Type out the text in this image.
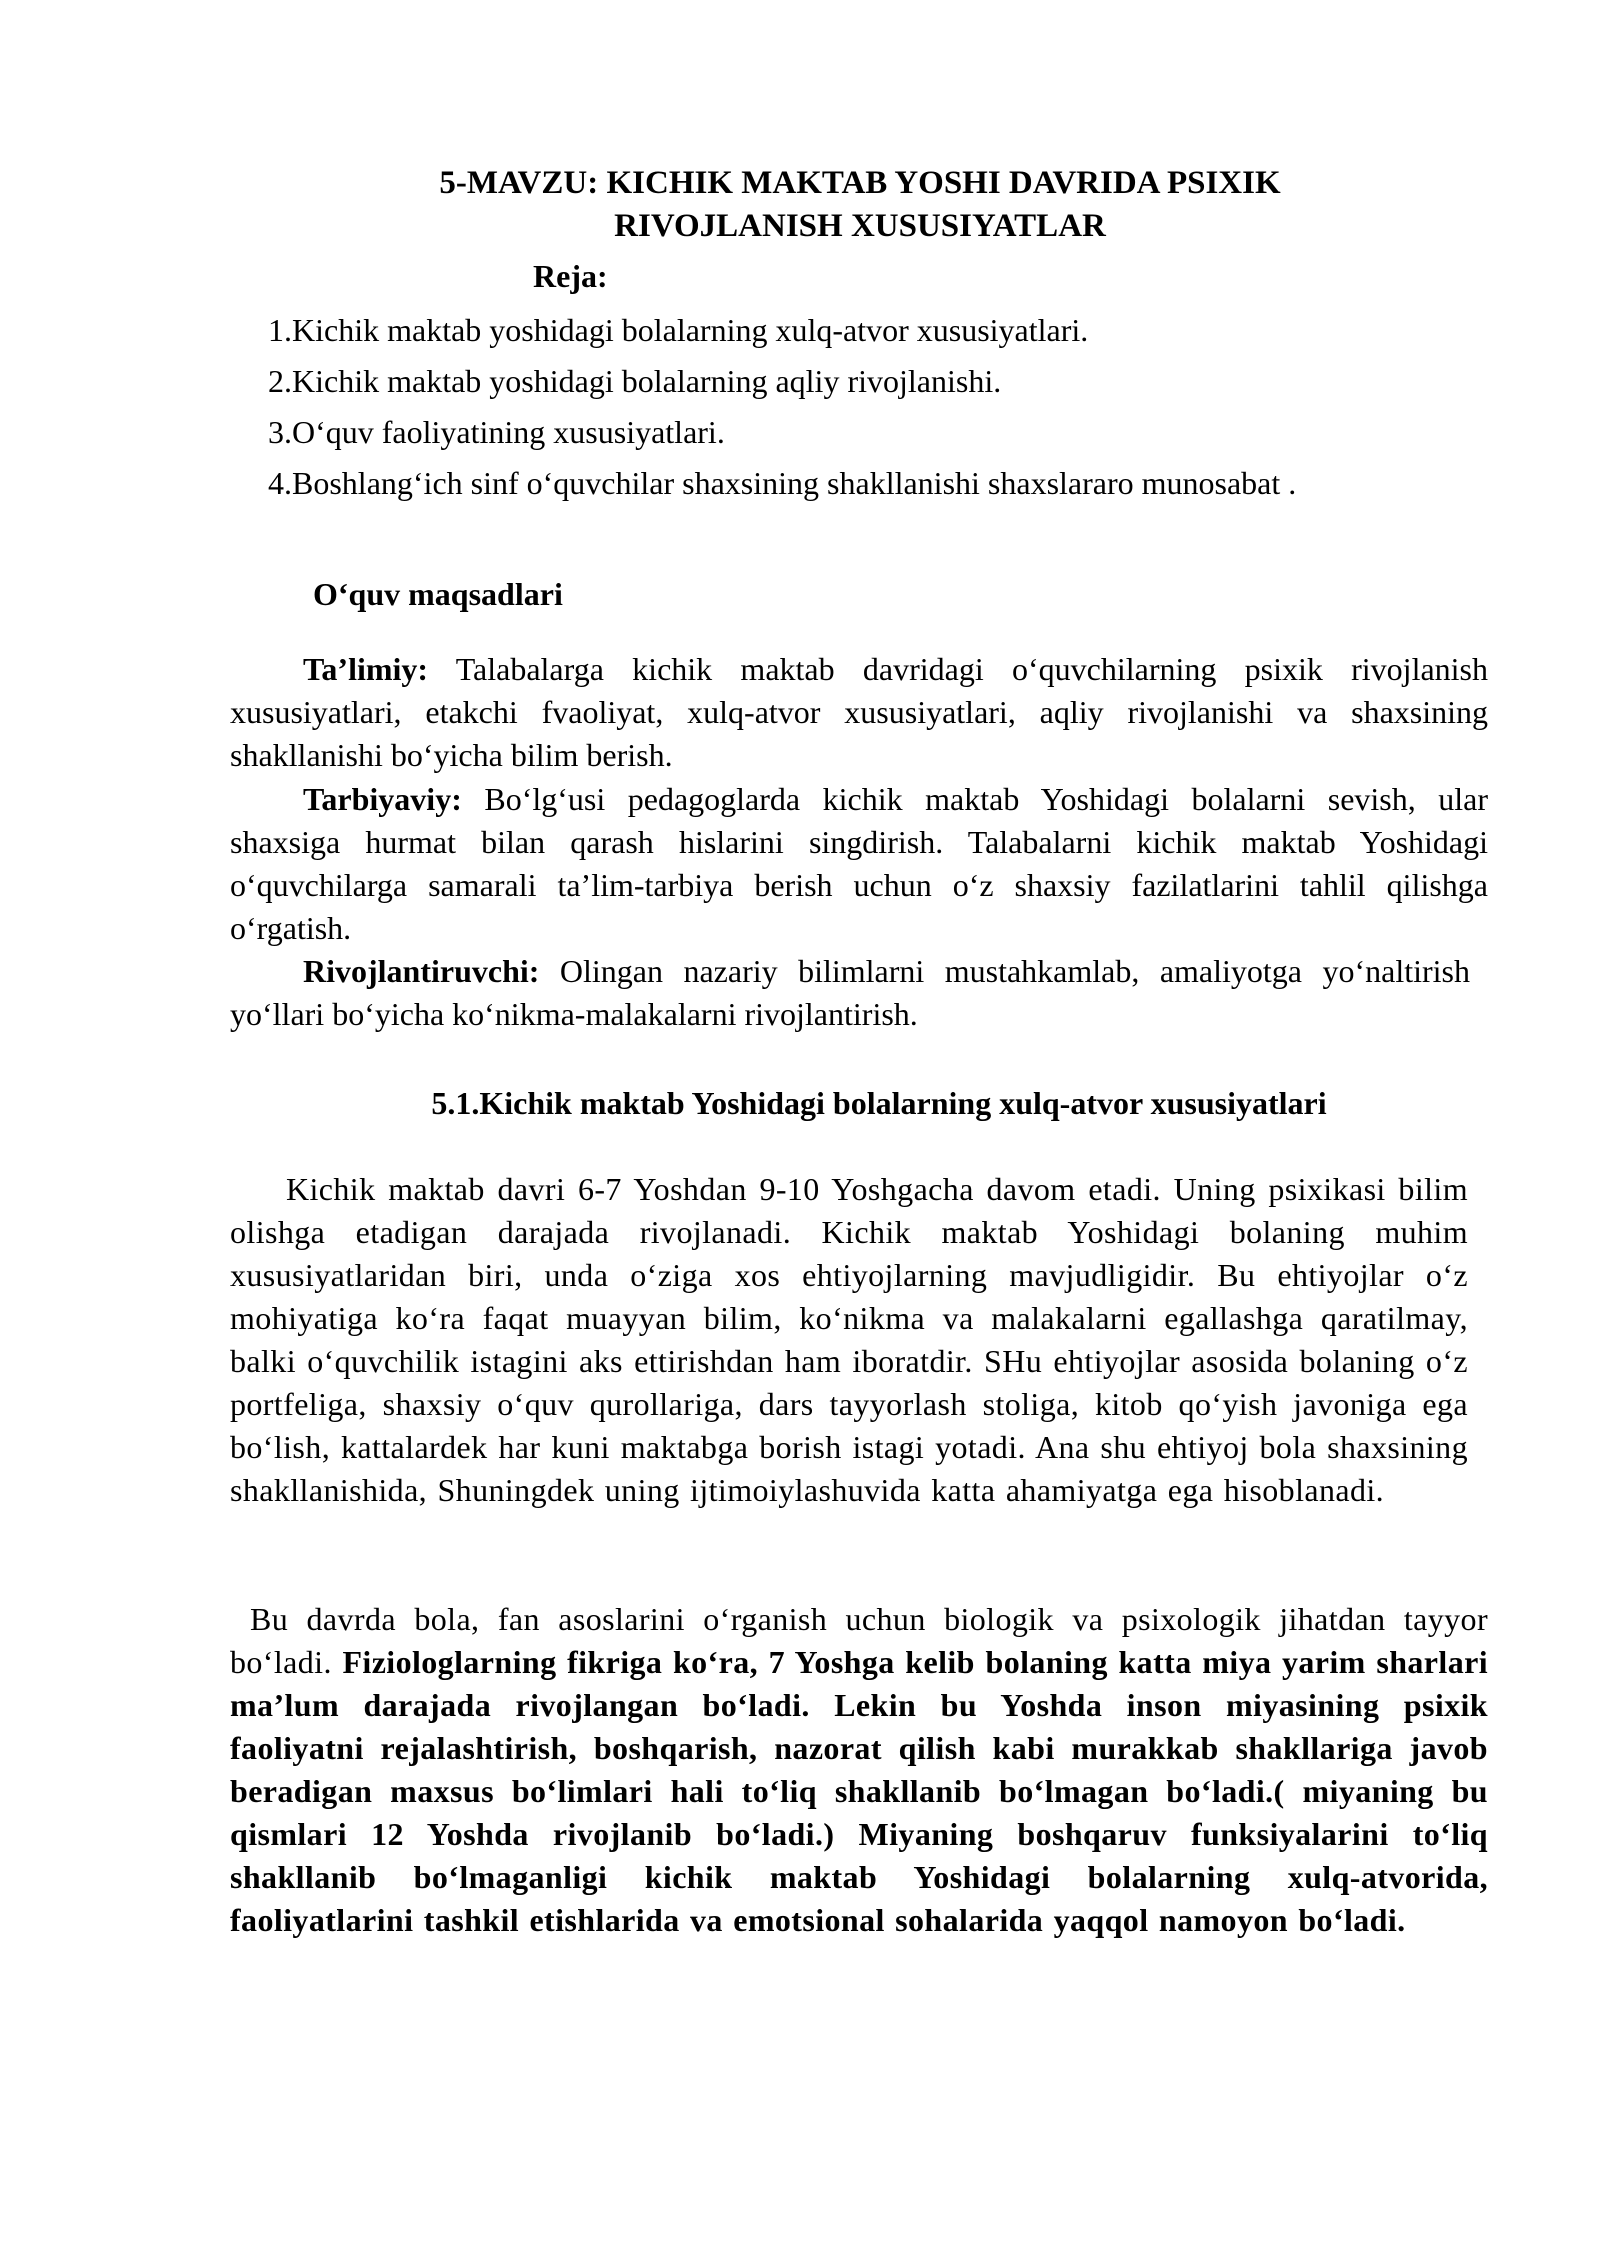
5-MAVZU: KICHIK MAKTAB YOSHI DAVRIDA PSIXIK
RIVOJLANISH XUSUSIYATLAR
Reja:
1.Kichik maktab yoshidagi bolalarning xulq-atvor xususiyatlari.
2.Kichik maktab yoshidagi bolalarning aqliy rivojlanishi.
3.O‘quv faoliyatining xususiyatlari.
4.Boshlang‘ich sinf o‘quvchilar shaxsining shakllanishi shaxslararo munosabat .
O‘quv maqsadlari

Ta’limiy: Talabalarga kichik maktab davridagi o‘quvchilarning psixik rivojlanish xususiyatlari, etakchi fvaoliyat, xulq-atvor xususiyatlari, aqliy rivojlanishi va shaxsining shakllanishi bo‘yicha bilim berish.

Tarbiyaviy: Bo‘lg‘usi pedagoglarda kichik maktab Yoshidagi bolalarni sevish, ular shaxsiga hurmat bilan qarash hislarini singdirish. Talabalarni kichik maktab Yoshidagi o‘quvchilarga samarali ta’lim-tarbiya berish uchun o‘z shaxsiy fazilatlarini tahlil qilishga o‘rgatish.

Rivojlantiruvchi: Olingan nazariy bilimlarni mustahkamlab, amaliyotga yo‘naltirish yo‘llari bo‘yicha ko‘nikma-malakalarni rivojlantirish.

5.1.Kichik maktab Yoshidagi bolalarning xulq-atvor xususiyatlari

Kichik maktab davri 6-7 Yoshdan 9-10 Yoshgacha davom etadi. Uning psixikasi bilim olishga etadigan darajada rivojlanadi. Kichik maktab Yoshidagi bolaning muhim xususiyatlaridan biri, unda o‘ziga xos ehtiyojlarning mavjudligidir. Bu ehtiyojlar o‘z mohiyatiga ko‘ra faqat muayyan bilim, ko‘nikma va malakalarni egallashga qaratilmay, balki o‘quvchilik istagini aks ettirishdan ham iboratdir. SHu ehtiyojlar asosida bolaning o‘z portfeliga, shaxsiy o‘quv qurollariga, dars tayyorlash stoliga, kitob qo‘yish javoniga ega bo‘lish, kattalardek har kuni maktabga borish istagi yotadi. Ana shu ehtiyoj bola shaxsining shakllanishida, Shuningdek uning ijtimoiylashuvida katta ahamiyatga ega hisoblanadi.

Bu davrda bola, fan asoslarini o‘rganish uchun biologik va psixologik jihatdan tayyor bo‘ladi. Fiziologlarning fikriga ko‘ra, 7 Yoshga kelib bolaning katta miya yarim sharlari ma’lum darajada rivojlangan bo‘ladi. Lekin bu Yoshda inson miyasining psixik faoliyatni rejalashtirish, boshqarish, nazorat qilish kabi murakkab shakllariga javob beradigan maxsus bo‘limlari hali to‘liq shakllanib bo‘lmagan bo‘ladi.( miyaning bu qismlari 12 Yoshda rivojlanib bo‘ladi.) Miyaning boshqaruv funksiyalarini to‘liq shakllanib bo‘lmaganligi kichik maktab Yoshidagi bolalarning xulq-atvorida, faoliyatlarini tashkil etishlarida va emotsional sohalarida yaqqol namoyon bo‘ladi.
